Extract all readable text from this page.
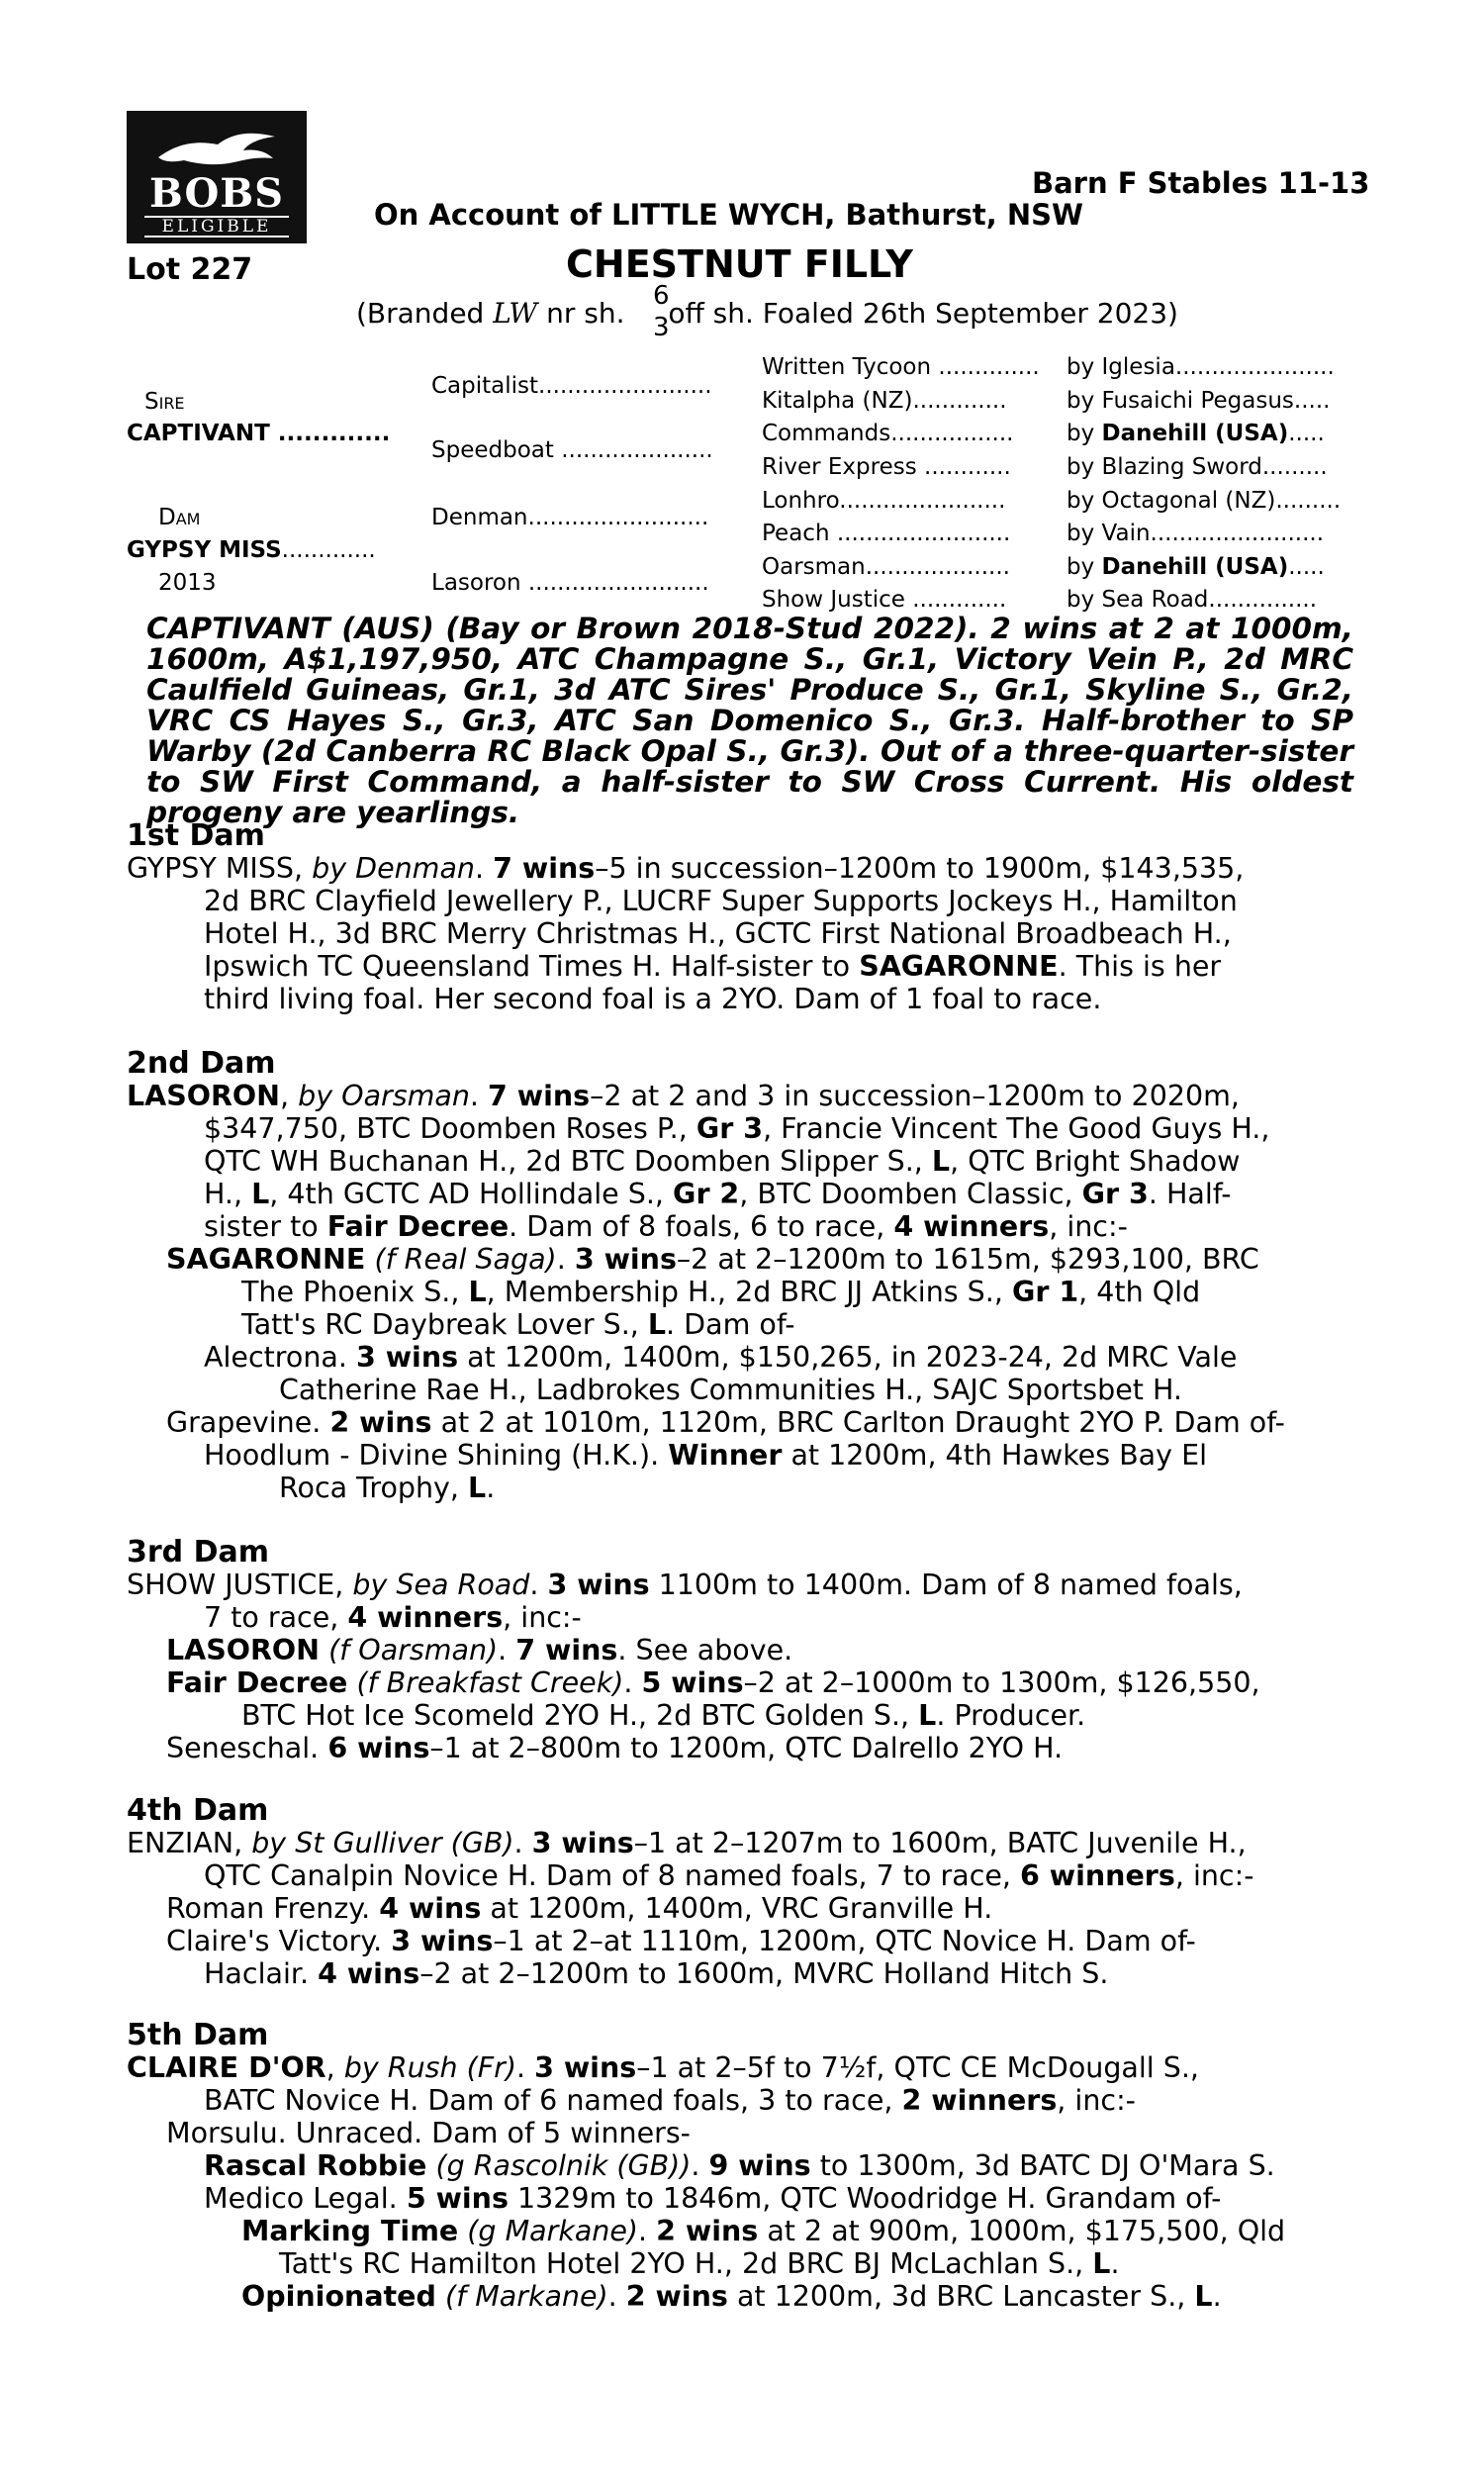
BOBS
ELIGIBLE
Barn F Stables 11-13
On Account of LITTLE WYCH, Bathurst, NSW
Lot 227	CHESTNUT FILLY
(Branded LW nr sh. off sh. Foaled 26th September 2023)
6
3
Sire
CAPTIVANT .............
Dam
GYPSY MISS.............
2013
Capitalist........................
Speedboat .....................
Denman.........................
Lasoron .........................
Written Tycoon ..............
Kitalpha (NZ).............
Commands.................
River Express ............
Lonhro.......................
Peach ........................
Oarsman....................
Show Justice .............
by Iglesia......................
by Fusaichi Pegasus.....
by Danehill (USA).....
by Blazing Sword.........
by Octagonal (NZ).........
by Vain........................
by Danehill (USA).....
by Sea Road...............
CAPTIVANT (AUS) (Bay or Brown 2018-Stud 2022). 2 wins at 2 at 1000m, 1600m, A$1,197,950, ATC Champagne S., Gr.1, Victory Vein P., 2d MRC Caulfield Guineas, Gr.1, 3d ATC Sires' Produce S., Gr.1, Skyline S., Gr.2, VRC CS Hayes S., Gr.3, ATC San Domenico S., Gr.3. Half-brother to SP Warby (2d Canberra RC Black Opal S., Gr.3). Out of a three-quarter-sister to SW First Command, a half-sister to SW Cross Current. His oldest progeny are yearlings.
1st Dam
GYPSY MISS, by Denman. 7 wins–5 in succession–1200m to 1900m, $143,535,
2d BRC Clayfield Jewellery P., LUCRF Super Supports Jockeys H., Hamilton
Hotel H., 3d BRC Merry Christmas H., GCTC First National Broadbeach H.,
Ipswich TC Queensland Times H. Half-sister to SAGARONNE. This is her
third living foal. Her second foal is a 2YO. Dam of 1 foal to race.
2nd Dam
LASORON, by Oarsman. 7 wins–2 at 2 and 3 in succession–1200m to 2020m,
$347,750, BTC Doomben Roses P., Gr 3, Francie Vincent The Good Guys H.,
QTC WH Buchanan H., 2d BTC Doomben Slipper S., L, QTC Bright Shadow
H., L, 4th GCTC AD Hollindale S., Gr 2, BTC Doomben Classic, Gr 3. Half-
sister to Fair Decree. Dam of 8 foals, 6 to race, 4 winners, inc:-
SAGARONNE (f Real Saga). 3 wins–2 at 2–1200m to 1615m, $293,100, BRC
The Phoenix S., L, Membership H., 2d BRC JJ Atkins S., Gr 1, 4th Qld
Tatt's RC Daybreak Lover S., L. Dam of-
Alectrona. 3 wins at 1200m, 1400m, $150,265, in 2023-24, 2d MRC Vale
Catherine Rae H., Ladbrokes Communities H., SAJC Sportsbet H.
Grapevine. 2 wins at 2 at 1010m, 1120m, BRC Carlton Draught 2YO P. Dam of-
Hoodlum - Divine Shining (H.K.). Winner at 1200m, 4th Hawkes Bay El
Roca Trophy, L.
3rd Dam
SHOW JUSTICE, by Sea Road. 3 wins 1100m to 1400m. Dam of 8 named foals,
7 to race, 4 winners, inc:-
LASORON (f Oarsman). 7 wins. See above.
Fair Decree (f Breakfast Creek). 5 wins–2 at 2–1000m to 1300m, $126,550,
BTC Hot Ice Scomeld 2YO H., 2d BTC Golden S., L. Producer.
Seneschal. 6 wins–1 at 2–800m to 1200m, QTC Dalrello 2YO H.
4th Dam
ENZIAN, by St Gulliver (GB). 3 wins–1 at 2–1207m to 1600m, BATC Juvenile H.,
QTC Canalpin Novice H. Dam of 8 named foals, 7 to race, 6 winners, inc:-
Roman Frenzy. 4 wins at 1200m, 1400m, VRC Granville H.
Claire's Victory. 3 wins–1 at 2–at 1110m, 1200m, QTC Novice H. Dam of-
Haclair. 4 wins–2 at 2–1200m to 1600m, MVRC Holland Hitch S.
5th Dam
CLAIRE D'OR, by Rush (Fr). 3 wins–1 at 2–5f to 7½f, QTC CE McDougall S.,
BATC Novice H. Dam of 6 named foals, 3 to race, 2 winners, inc:-
Morsulu. Unraced. Dam of 5 winners-
Rascal Robbie (g Rascolnik (GB)). 9 wins to 1300m, 3d BATC DJ O'Mara S.
Medico Legal. 5 wins 1329m to 1846m, QTC Woodridge H. Grandam of-
Marking Time (g Markane). 2 wins at 2 at 900m, 1000m, $175,500, Qld
Tatt's RC Hamilton Hotel 2YO H., 2d BRC BJ McLachlan S., L.
Opinionated (f Markane). 2 wins at 1200m, 3d BRC Lancaster S., L.
